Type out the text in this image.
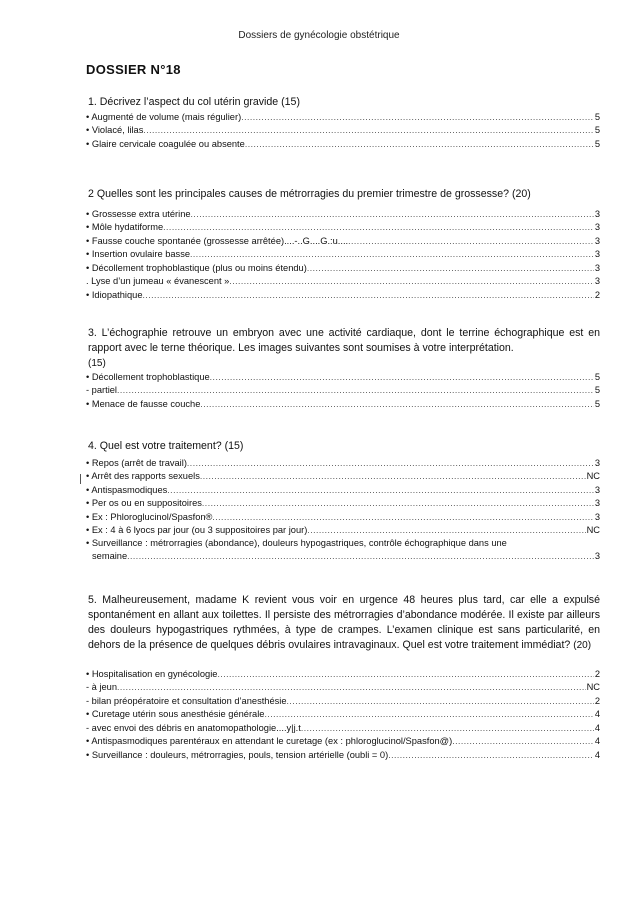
Dossiers de gynécologie obstétrique
DOSSIER N°18
1. Décrivez l’aspect du col utérin gravide (15)
• Augmenté de volume (mais régulier) .....	5
• Violacé, lilas .....	5
• Glaire cervicale coagulée ou absente .....	5
2 Quelles sont les principales causes de métrorragies du premier trimestre de grossesse? (20)
• Grossesse extra utérine .....	3
• Môle hydatiforme .....	3
• Fausse couche spontanée (grossesse arrêtée)....-..G....G.:u.... .....	3
• Insertion ovulaire basse .....	3
• Décollement trophoblastique (plus ou moins étendu) .....	3
. Lyse d’un jumeau « évanescent » .....	3
• Idiopathique .....	2
3. L’échographie retrouve un embryon avec une activité cardiaque, dont le terrine échographique est en rapport avec le terne théorique. Les images suivantes sont soumises à votre interprétation.
(15)
• Décollement trophoblastique .....	5
- partiel .....	5
• Menace de fausse couche .....	5
4. Quel est votre traitement? (15)
• Repos (arrêt de travail) .....	3
• Arrêt des rapports sexuels .....	NC
• Antispasmodiques .....	3
• Per os ou en suppositoires .....	3
• Ex : Phloroglucinol/Spasfon® .....	3
• Ex : 4 à 6 lyocs par jour (ou 3 suppositoires par jour) .....	NC
• Surveillance : métrorragies (abondance), douleurs hypogastriques, contrôle échographique dans une
semaine .....	3
5. Malheureusement, madame K revient vous voir en urgence 48 heures plus tard, car elle a expulsé spontanément en allant aux toilettes. Il persiste des métrorragies d’abondance modérée. Il existe par ailleurs des douleurs hypogastriques rythmées, à type de crampes. L’examen clinique est sans particularité, en dehors de la présence de quelques débris ovulaires intravaginaux. Quel est votre traitement immédiat? (20)
• Hospitalisation en gynécologie .....	2
- à jeun .....	NC
- bilan préopératoire et consultation d’anesthésie .....	2
• Curetage utérin sous anesthésie générale .....	4
- avec envoi des débris en anatomopathologie....y|j.t .....	4
• Antispasmodiques parentéraux en attendant le curetage (ex : phloroglucinol/Spasfon@) .....	4
• Surveillance : douleurs, métrorragies, pouls, tension artérielle (oubli = 0) .....	4
